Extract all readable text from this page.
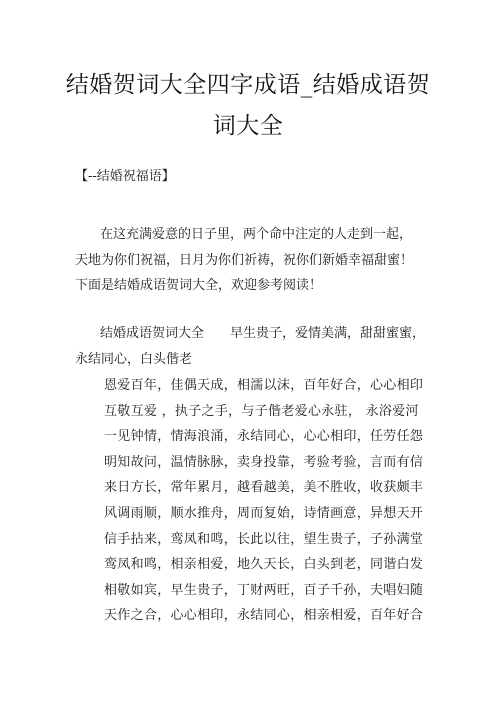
结婚贺词大全四字成语_结婚成语贺
词大全
【--结婚祝福语】
在这充满爱意的日子里，两个命中注定的人走到一起，
天地为你们祝福，日月为你们祈祷，祝你们新婚幸福甜蜜！
下面是结婚成语贺词大全，欢迎参考阅读！
结婚成语贺词大全　　早生贵子，爱情美满，甜甜蜜蜜，
永结同心，白头偕老
恩爱百年，佳偶天成，相濡以沫，百年好合，心心相印
互敬互爱 ，执子之手，与子偕老爱心永驻， 永浴爱河
一见钟情，情海浪涌，永结同心，心心相印，任劳任怨
明知故问，温情脉脉，卖身投靠，考验考验，言而有信
来日方长，常年累月，越看越美，美不胜收，收获颇丰
风调雨顺，顺水推舟，周而复始，诗情画意，异想天开
信手拈来，鸾凤和鸣，长此以往，望生贵子，子孙满堂
鸾凤和鸣，相亲相爱，地久天长，白头到老，同谐白发
相敬如宾，早生贵子，丁财两旺，百子千孙，夫唱妇随
天作之合，心心相印，永结同心，相亲相爱，百年好合
